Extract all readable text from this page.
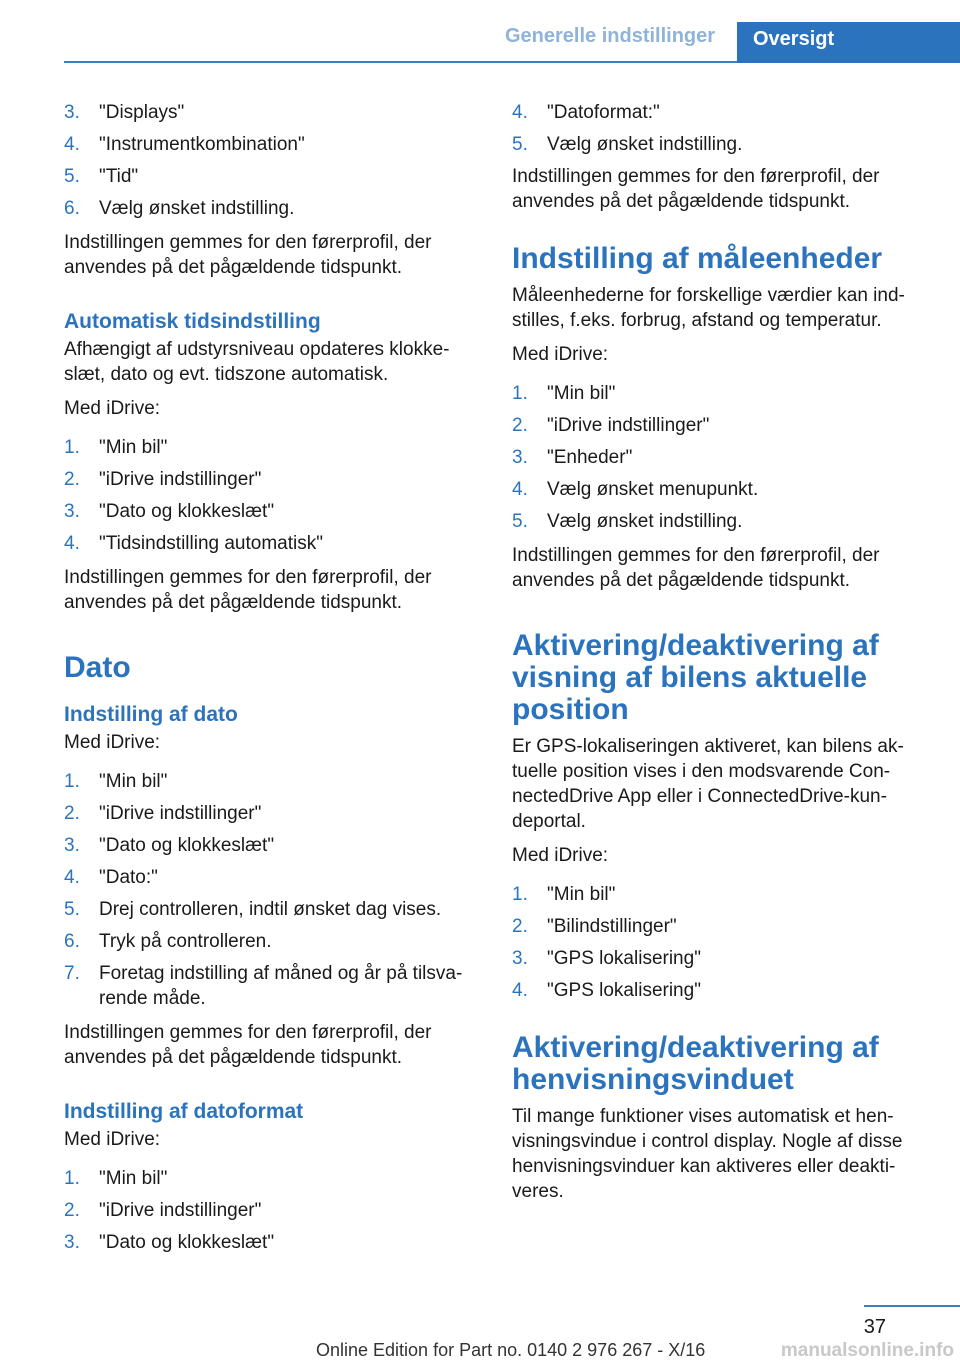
Generelle indstillinger	Oversigt
3. "Displays"
4. "Instrumentkombination"
5. "Tid"
6. Vælg ønsket indstilling.

Indstillingen gemmes for den førerprofil, der anvendes på det pågældende tidspunkt.

Automatisk tidsindstilling

Afhængigt af udstyrsniveau opdateres klokke-slæt, dato og evt. tidszone automatisk.

Med iDrive:

1. "Min bil"
2. "iDrive indstillinger"
3. "Dato og klokkeslæt"
4. "Tidsindstilling automatisk"

Indstillingen gemmes for den førerprofil, der anvendes på det pågældende tidspunkt.

Dato
Indstilling af dato

Med iDrive:

1. "Min bil"
2. "iDrive indstillinger"
3. "Dato og klokkeslæt"
4. "Dato:"
5. Drej controlleren, indtil ønsket dag vises.
6. Tryk på controlleren.
7. Foretag indstilling af måned og år på tilsva-rende måde.

Indstillingen gemmes for den førerprofil, der anvendes på det pågældende tidspunkt.

Indstilling af datoformat

Med iDrive:

1. "Min bil"
2. "iDrive indstillinger"
3. "Dato og klokkeslæt"
4. "Datoformat:"
5. Vælg ønsket indstilling.

Indstillingen gemmes for den førerprofil, der anvendes på det pågældende tidspunkt.

Indstilling af måleenheder

Måleenhederne for forskellige værdier kan ind-stilles, f.eks. forbrug, afstand og temperatur.

Med iDrive:

1. "Min bil"
2. "iDrive indstillinger"
3. "Enheder"
4. Vælg ønsket menupunkt.
5. Vælg ønsket indstilling.

Indstillingen gemmes for den førerprofil, der anvendes på det pågældende tidspunkt.

Aktivering/deaktivering af visning af bilens aktuelle position

Er GPS-lokaliseringen aktiveret, kan bilens ak-tuelle position vises i den modsvarende Con-nectedDrive App eller i ConnectedDrive-kun-deportal.

Med iDrive:

1. "Min bil"
2. "Bilindstillinger"
3. "GPS lokalisering"
4. "GPS lokalisering"
Aktivering/deaktivering af henvisningsvinduet

Til mange funktioner vises automatisk et hen-visningsvindue i control display. Nogle af disse henvisningsvinduer kan aktiveres eller deakti-veres.

37
Online Edition for Part no. 0140 2 976 267 - X/16	manualsonline.info
